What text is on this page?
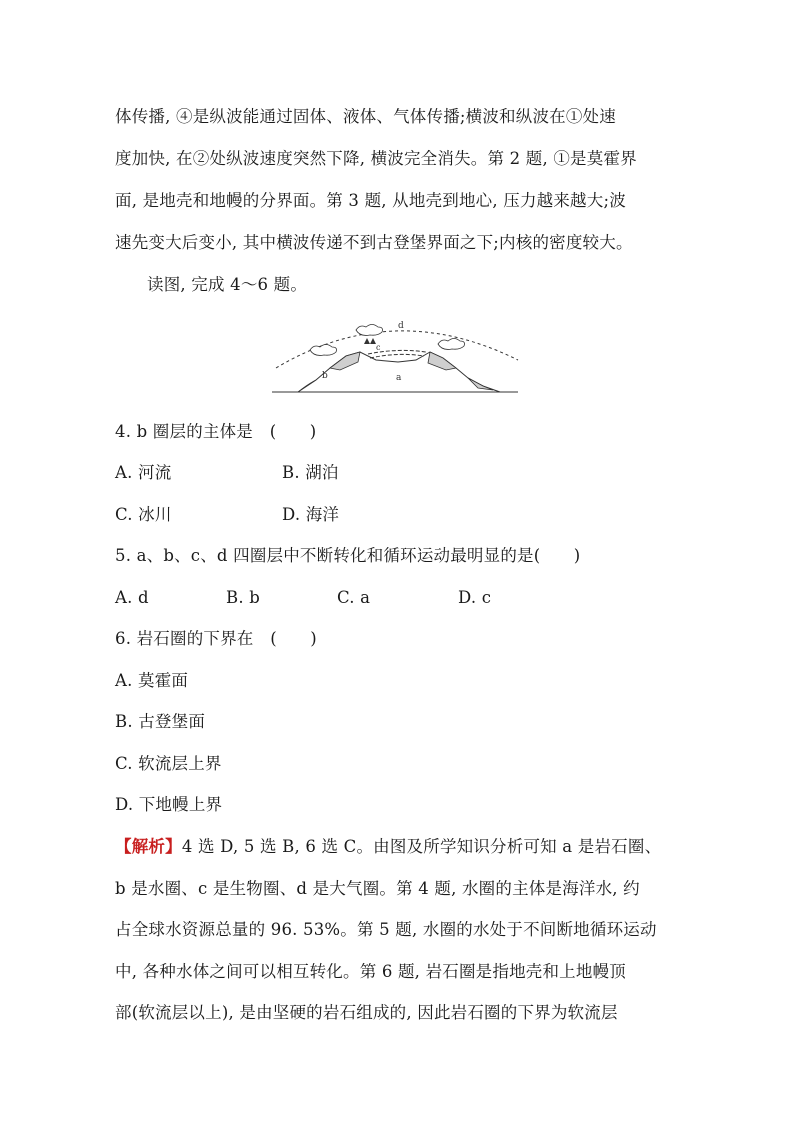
体传播, ④是纵波能通过固体、液体、气体传播;横波和纵波在①处速
度加快, 在②处纵波速度突然下降, 横波完全消失。第 2 题, ①是莫霍界
面, 是地壳和地幔的分界面。第 3 题, 从地壳到地心, 压力越来越大;波
速先变大后变小, 其中横波传递不到古登堡界面之下;内核的密度较大。
读图, 完成 4～6 题。
a
b
c
d
4. b 圈层的主体是　(　　)
A. 河流	B. 湖泊
C. 冰川	D. 海洋
5. a、b、c、d 四圈层中不断转化和循环运动最明显的是(　　)
A. d	B. b	C. a	D. c
6. 岩石圈的下界在　(　　)
A. 莫霍面
B. 古登堡面
C. 软流层上界
D. 下地幔上界
【解析】4 选 D, 5 选 B, 6 选 C。由图及所学知识分析可知 a 是岩石圈、
b 是水圈、c 是生物圈、d 是大气圈。第 4 题, 水圈的主体是海洋水, 约
占全球水资源总量的 96. 53%。第 5 题, 水圈的水处于不间断地循环运动
中, 各种水体之间可以相互转化。第 6 题, 岩石圈是指地壳和上地幔顶
部(软流层以上), 是由坚硬的岩石组成的, 因此岩石圈的下界为软流层
